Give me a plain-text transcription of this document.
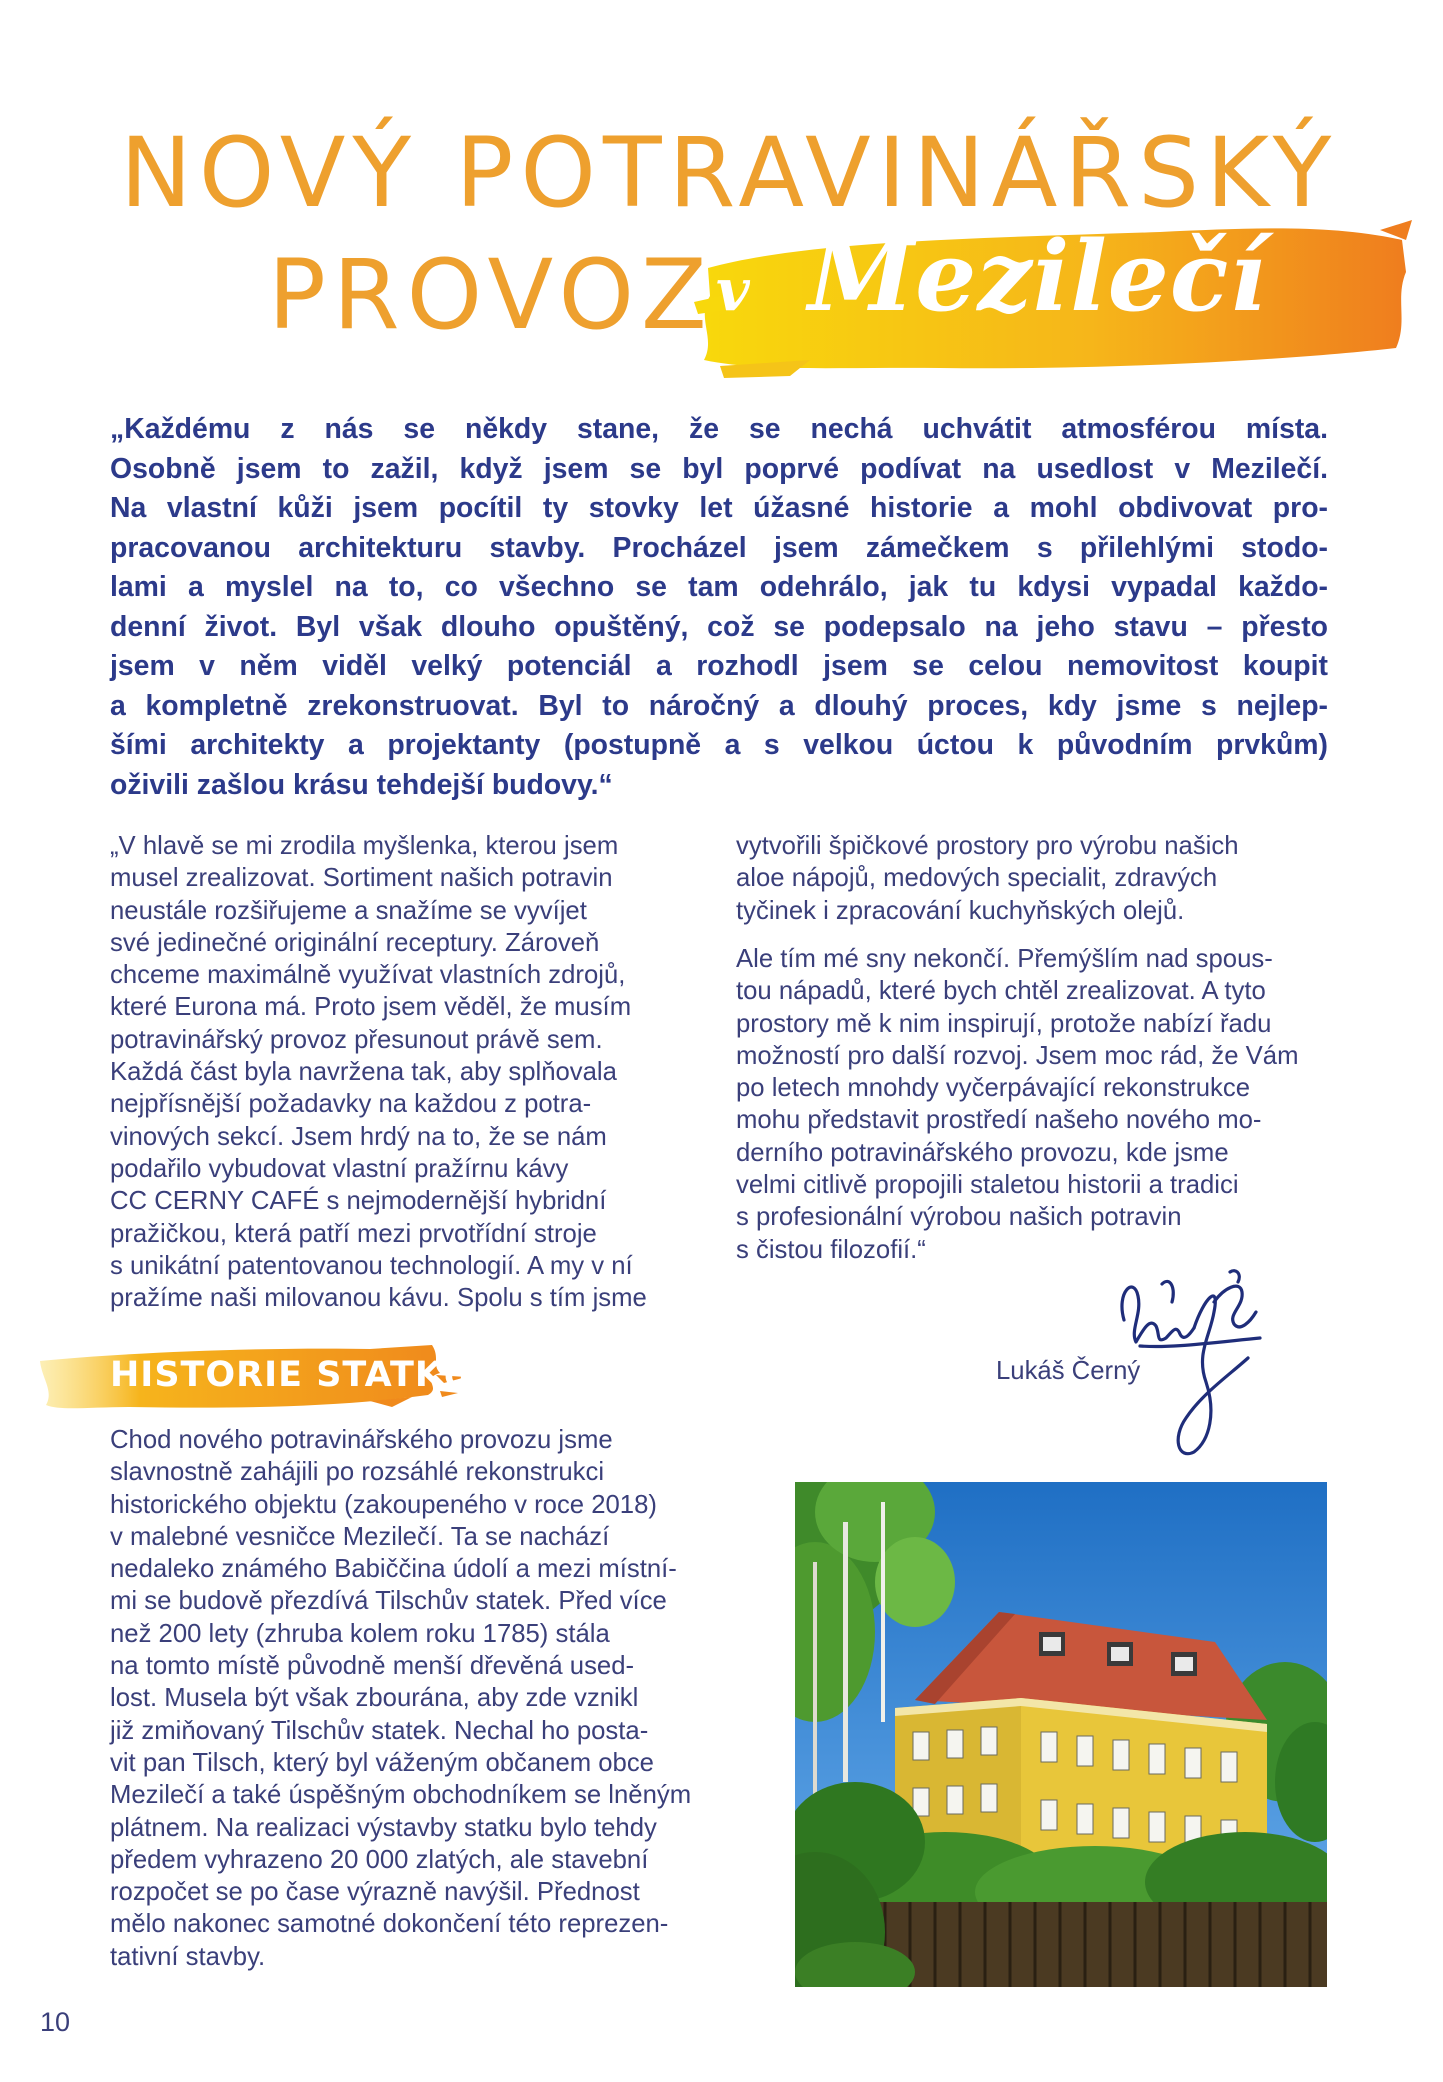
NOVÝ POTRAVINÁŘSKÝ
PROVOZ v Mezilečí
„Každému z nás se někdy stane, že se nechá uchvátit atmosférou místa.
Osobně jsem to zažil, když jsem se byl poprvé podívat na usedlost v Mezilečí.
Na vlastní kůži jsem pocítil ty stovky let úžasné historie a mohl obdivovat pro-
pracovanou architekturu stavby. Procházel jsem zámečkem s přilehlými stodo-
lami a myslel na to, co všechno se tam odehrálo, jak tu kdysi vypadal každo-
denní život. Byl však dlouho opuštěný, což se podepsalo na jeho stavu – přesto
jsem v něm viděl velký potenciál a rozhodl jsem se celou nemovitost koupit
a kompletně zrekonstruovat. Byl to náročný a dlouhý proces, kdy jsme s nejlep-
šími architekty a projektanty (postupně a s velkou úctou k původním prvkům)
oživili zašlou krásu tehdejší budovy.“
„V hlavě se mi zrodila myšlenka, kterou jsem
musel zrealizovat. Sortiment našich potravin
neustále rozšiřujeme a snažíme se vyvíjet
své jedinečné originální receptury. Zároveň
chceme maximálně využívat vlastních zdrojů,
které Eurona má. Proto jsem věděl, že musím
potravinářský provoz přesunout právě sem.
Každá část byla navržena tak, aby splňovala
nejpřísnější požadavky na každou z potra-
vinových sekcí. Jsem hrdý na to, že se nám
podařilo vybudovat vlastní pražírnu kávy
CC CERNY CAFÉ s nejmodernější hybridní
pražičkou, která patří mezi prvotřídní stroje
s unikátní patentovanou technologií. A my v ní
pražíme naši milovanou kávu. Spolu s tím jsme
vytvořili špičkové prostory pro výrobu našich
aloe nápojů, medových specialit, zdravých
tyčinek i zpracování kuchyňských olejů.
Ale tím mé sny nekončí. Přemýšlím nad spous-
tou nápadů, které bych chtěl zrealizovat. A tyto
prostory mě k nim inspirují, protože nabízí řadu
možností pro další rozvoj. Jsem moc rád, že Vám
po letech mnohdy vyčerpávající rekonstrukce
mohu představit prostředí našeho nového mo-
derního potravinářského provozu, kde jsme
velmi citlivě propojili staletou historii a tradici
s profesionální výrobou našich potravin
s čistou filozofií.“

Lukáš Černý

HISTORIE STATKU
Chod nového potravinářského provozu jsme
slavnostně zahájili po rozsáhlé rekonstrukci
historického objektu (zakoupeného v roce 2018)
v malebné vesničce Mezilečí. Ta se nachází
nedaleko známého Babiččina údolí a mezi místní-
mi se budově přezdívá Tilschův statek. Před více
než 200 lety (zhruba kolem roku 1785) stála
na tomto místě původně menší dřevěná used-
lost. Musela být však zbourána, aby zde vznikl
již zmiňovaný Tilschův statek. Nechal ho posta-
vit pan Tilsch, který byl váženým občanem obce
Mezilečí a také úspěšným obchodníkem se lněným
plátnem. Na realizaci výstavby statku bylo tehdy
předem vyhrazeno 20 000 zlatých, ale stavební
rozpočet se po čase výrazně navýšil. Přednost
mělo nakonec samotné dokončení této reprezen-
tativní stavby.

10
